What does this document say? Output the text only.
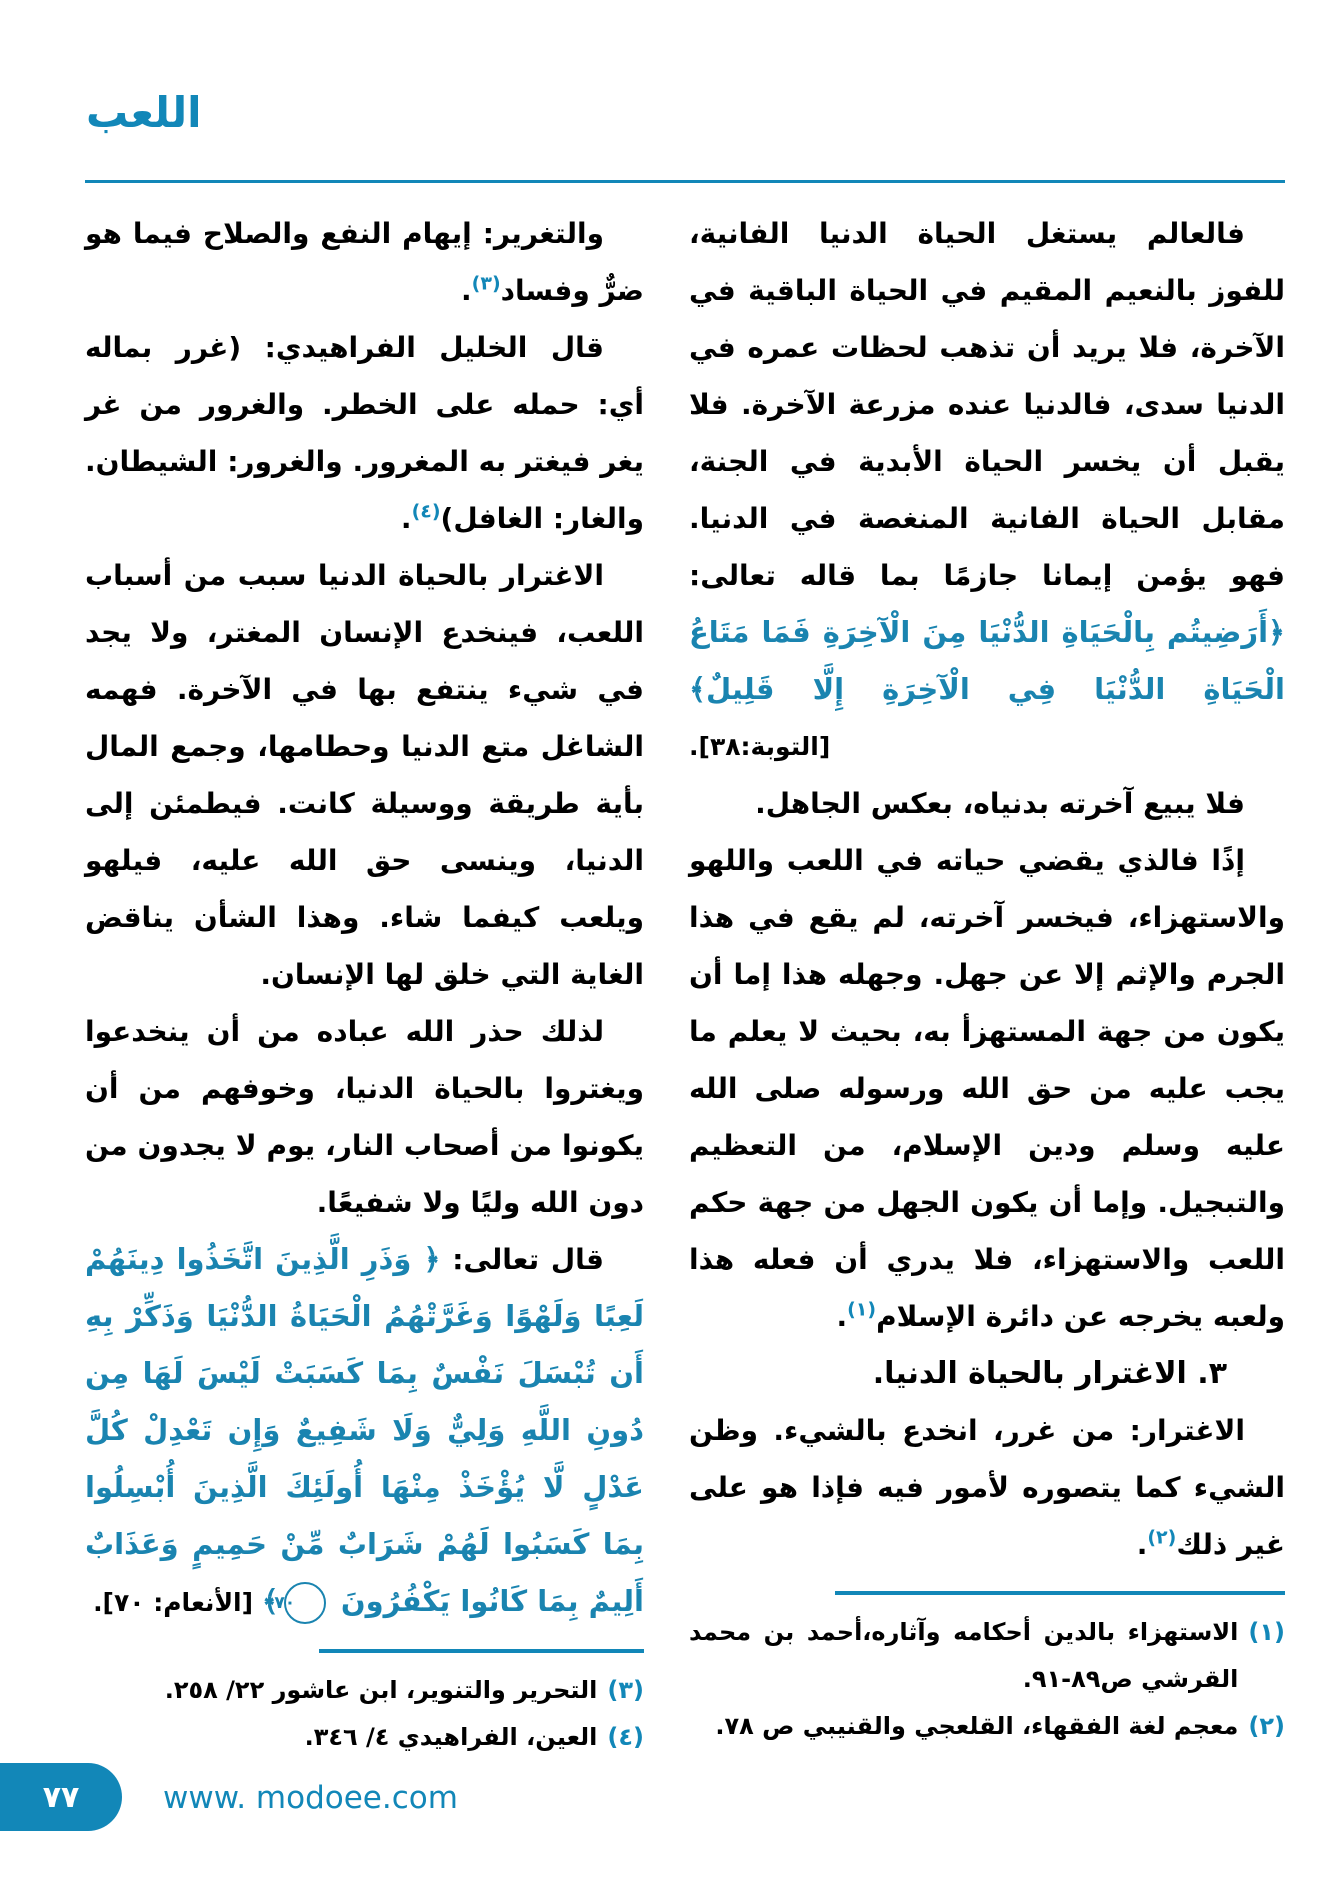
اللعب

فالعالم يستغل الحياة الدنيا الفانية، للفوز بالنعيم المقيم في الحياة الباقية في الآخرة، فلا يريد أن تذهب لحظات عمره في الدنيا سدى، فالدنيا عنده مزرعة الآخرة. فلا يقبل أن يخسر الحياة الأبدية في الجنة، مقابل الحياة الفانية المنغصة في الدنيا. فهو يؤمن إيمانا جازمًا بما قاله تعالى: ﴿أَرَضِيتُم بِالْحَيَاةِ الدُّنْيَا مِنَ الْآخِرَةِ فَمَا مَتَاعُ الْحَيَاةِ الدُّنْيَا فِي الْآخِرَةِ إِلَّا قَلِيلٌ﴾

[التوبة:٣٨].

فلا يبيع آخرته بدنياه، بعكس الجاهل.

إذًا فالذي يقضي حياته في اللعب واللهو والاستهزاء، فيخسر آخرته، لم يقع في هذا الجرم والإثم إلا عن جهل. وجهله هذا إما أن يكون من جهة المستهزأ به، بحيث لا يعلم ما يجب عليه من حق الله ورسوله صلى الله عليه وسلم ودين الإسلام، من التعظيم والتبجيل. وإما أن يكون الجهل من جهة حكم اللعب والاستهزاء، فلا يدري أن فعله هذا ولعبه يخرجه عن دائرة الإسلام$^{(١)}$.

٣. الاغترار بالحياة الدنيا.

الاغترار: من غرر، انخدع بالشيء. وظن الشيء كما يتصوره لأمور فيه فإذا هو على غير ذلك$^{(٢)}$.

(١)
الاستهزاء بالدين أحكامه وآثاره،أحمد بن محمد القرشي ص٨٩-٩١.
(٢)
معجم لغة الفقهاء، القلعجي والقنيبي ص ٧٨.

والتغرير: إيهام النفع والصلاح فيما هو ضرٌّ وفساد$^{(٣)}$.

قال الخليل الفراهيدي: (غرر بماله أي: حمله على الخطر. والغرور من غر يغر فيغتر به المغرور. والغرور: الشيطان. والغار: الغافل)$^{(٤)}$.

الاغترار بالحياة الدنيا سبب من أسباب اللعب، فينخدع الإنسان المغتر، ولا يجد في شيء ينتفع بها في الآخرة. فهمه الشاغل متع الدنيا وحطامها، وجمع المال بأية طريقة ووسيلة كانت. فيطمئن إلى الدنيا، وينسى حق الله عليه، فيلهو ويلعب كيفما شاء. وهذا الشأن يناقض الغاية التي خلق لها الإنسان.

لذلك حذر الله عباده من أن ينخدعوا ويغتروا بالحياة الدنيا، وخوفهم من أن يكونوا من أصحاب النار، يوم لا يجدون من دون الله وليًا ولا شفيعًا.

قال تعالى: ﴿ وَذَرِ الَّذِينَ اتَّخَذُوا دِينَهُمْ لَعِبًا وَلَهْوًا وَغَرَّتْهُمُ الْحَيَاةُ الدُّنْيَا وَذَكِّرْ بِهِ أَن تُبْسَلَ نَفْسٌ بِمَا كَسَبَتْ لَيْسَ لَهَا مِن دُونِ اللَّهِ وَلِيٌّ وَلَا شَفِيعٌ وَإِن تَعْدِلْ كُلَّ عَدْلٍ لَّا يُؤْخَذْ مِنْهَا أُولَئِكَ الَّذِينَ أُبْسِلُوا بِمَا كَسَبُوا لَهُمْ شَرَابٌ مِّنْ حَمِيمٍ وَعَذَابٌ أَلِيمٌ بِمَا كَانُوا يَكْفُرُونَ ٧٠﴾ [الأنعام: ٧٠].

(٣)
التحرير والتنوير، ابن عاشور ٢٢/ ٢٥٨.
(٤)
العين، الفراهيدي ٤/ ٣٤٦.
٧٧	www. modoee.com
